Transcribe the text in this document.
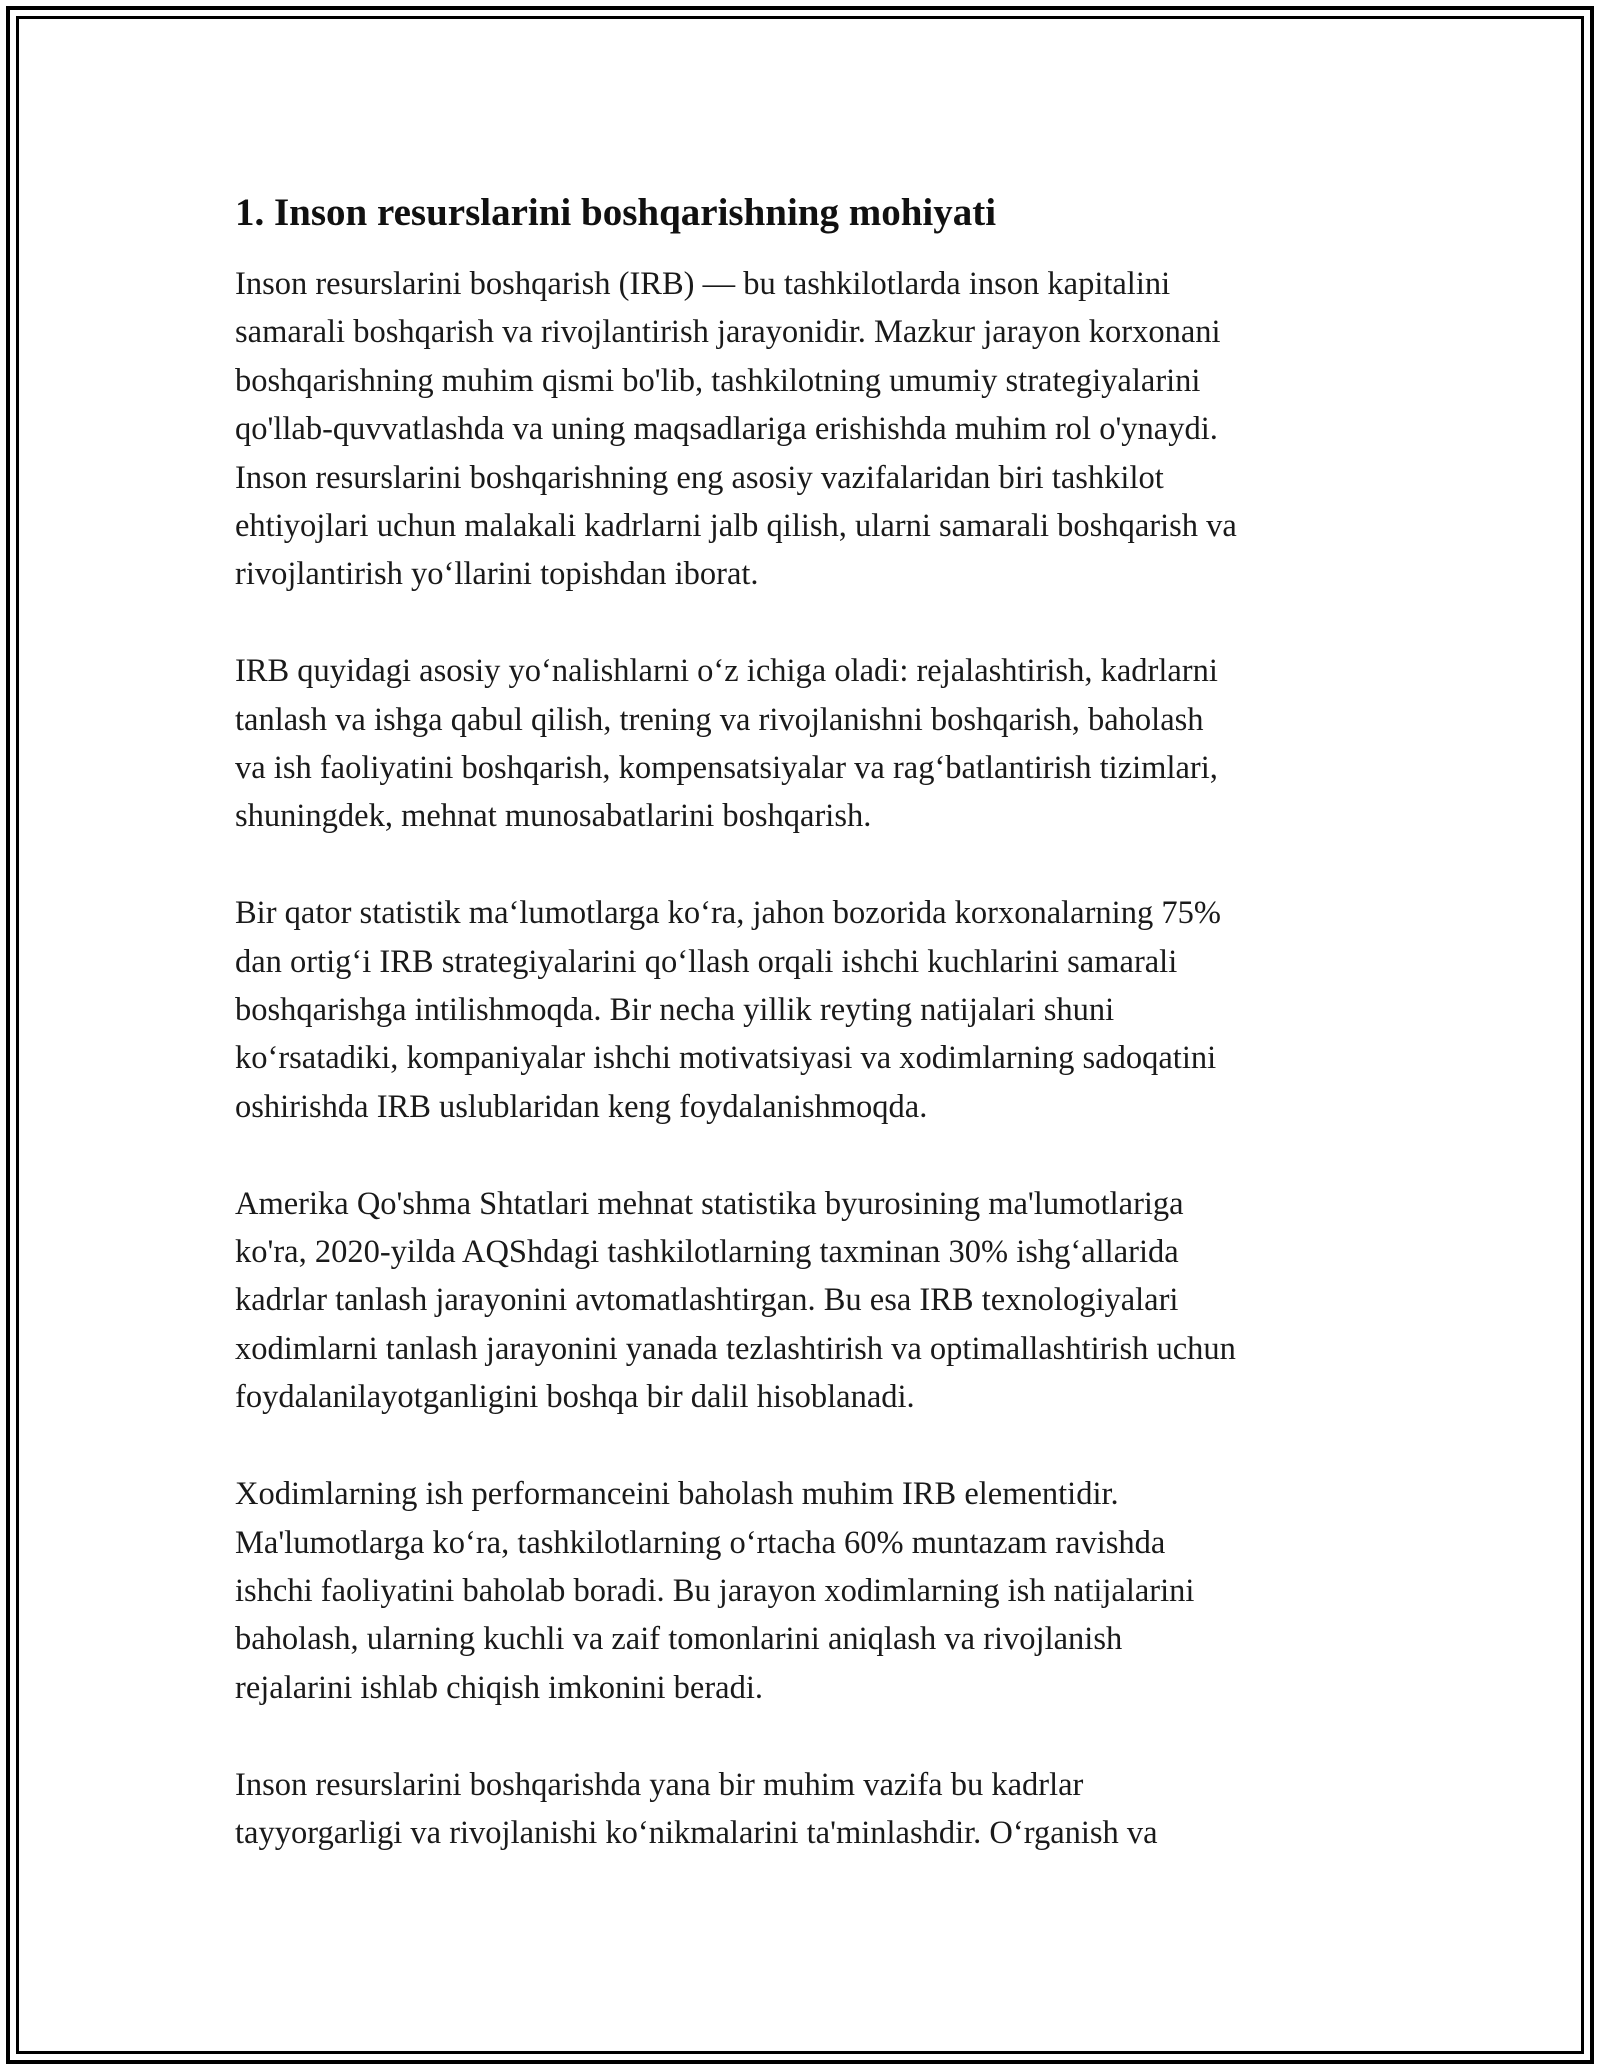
1. Inson resurslarini boshqarishning mohiyati
Inson resurslarini boshqarish (IRB) — bu tashkilotlarda inson kapitalini
samarali boshqarish va rivojlantirish jarayonidir. Mazkur jarayon korxonani
boshqarishning muhim qismi bo'lib, tashkilotning umumiy strategiyalarini
qo'llab-quvvatlashda va uning maqsadlariga erishishda muhim rol o'ynaydi.
Inson resurslarini boshqarishning eng asosiy vazifalaridan biri tashkilot
ehtiyojlari uchun malakali kadrlarni jalb qilish, ularni samarali boshqarish va
rivojlantirish yo‘llarini topishdan iborat.
IRB quyidagi asosiy yo‘nalishlarni o‘z ichiga oladi: rejalashtirish, kadrlarni
tanlash va ishga qabul qilish, trening va rivojlanishni boshqarish, baholash
va ish faoliyatini boshqarish, kompensatsiyalar va rag‘batlantirish tizimlari,
shuningdek, mehnat munosabatlarini boshqarish.
Bir qator statistik ma‘lumotlarga ko‘ra, jahon bozorida korxonalarning 75%
dan ortig‘i IRB strategiyalarini qo‘llash orqali ishchi kuchlarini samarali
boshqarishga intilishmoqda. Bir necha yillik reyting natijalari shuni
ko‘rsatadiki, kompaniyalar ishchi motivatsiyasi va xodimlarning sadoqatini
oshirishda IRB uslublaridan keng foydalanishmoqda.
Amerika Qo'shma Shtatlari mehnat statistika byurosining ma'lumotlariga
ko'ra, 2020-yilda AQShdagi tashkilotlarning taxminan 30% ishg‘allarida
kadrlar tanlash jarayonini avtomatlashtirgan. Bu esa IRB texnologiyalari
xodimlarni tanlash jarayonini yanada tezlashtirish va optimallashtirish uchun
foydalanilayotganligini boshqa bir dalil hisoblanadi.
Xodimlarning ish performanceini baholash muhim IRB elementidir.
Ma'lumotlarga ko‘ra, tashkilotlarning o‘rtacha 60% muntazam ravishda
ishchi faoliyatini baholab boradi. Bu jarayon xodimlarning ish natijalarini
baholash, ularning kuchli va zaif tomonlarini aniqlash va rivojlanish
rejalarini ishlab chiqish imkonini beradi.
Inson resurslarini boshqarishda yana bir muhim vazifa bu kadrlar
tayyorgarligi va rivojlanishi ko‘nikmalarini ta'minlashdir. O‘rganish va
